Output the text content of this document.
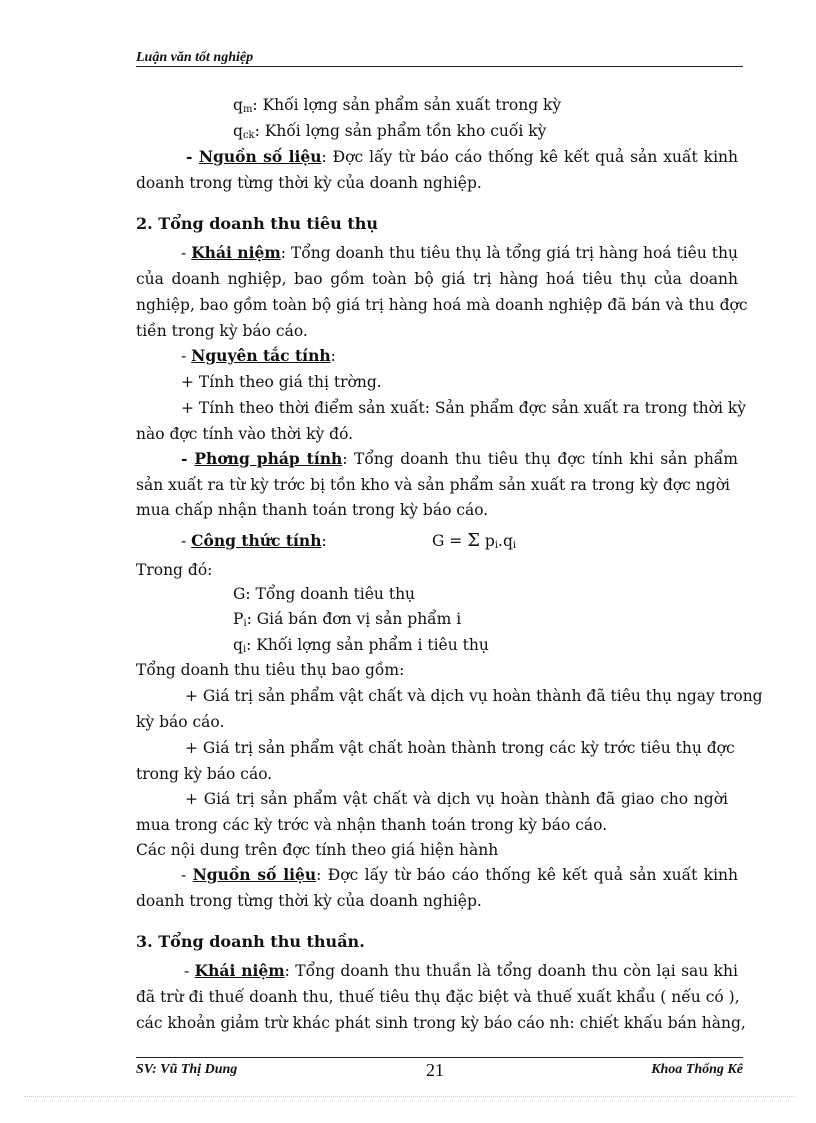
Luận văn tốt nghiệp
$q_m$: Khối lợng sản phẩm sản xuất trong kỳ
$q_{ck}$: Khối lợng sản phẩm tồn kho cuối kỳ
- Nguồn số liệu: Đợc lấy từ báo cáo thống kê kết quả sản xuất kinh
doanh trong từng thời kỳ của doanh nghiệp.
2. Tổng doanh thu tiêu thụ
- Khái niệm: Tổng doanh thu tiêu thụ là tổng giá trị hàng hoá tiêu thụ
của doanh nghiệp, bao gồm toàn bộ giá trị hàng hoá tiêu thụ của doanh
nghiệp, bao gồm toàn bộ giá trị hàng hoá mà doanh nghiệp đã bán và thu đợc
tiền trong kỳ báo cáo.
- Nguyên tắc tính:
+ Tính theo giá thị trờng.
+ Tính theo thời điểm sản xuất: Sản phẩm đợc sản xuất ra trong thời kỳ
nào đợc tính vào thời kỳ đó.
- Phơng pháp tính: Tổng doanh thu tiêu thụ đợc tính khi sản phẩm
sản xuất ra từ kỳ trớc bị tồn kho và sản phẩm sản xuất ra trong kỳ đợc ngời
mua chấp nhận thanh toán trong kỳ báo cáo.
- Công thức tính:	G = Σ $p_i.q_i$
Trong đó:
G: Tổng doanh tiêu thụ
$P_i$: Giá bán đơn vị sản phẩm i
$q_i$: Khối lợng sản phẩm i tiêu thụ
Tổng doanh thu tiêu thụ bao gồm:
+ Giá trị sản phẩm vật chất và dịch vụ hoàn thành đã tiêu thụ ngay trong
kỳ báo cáo.
+ Giá trị sản phẩm vật chất hoàn thành trong các kỳ trớc tiêu thụ đợc
trong kỳ báo cáo.
+ Giá trị sản phẩm vật chất và dịch vụ hoàn thành đã giao cho ngời
mua trong các kỳ trớc và nhận thanh toán trong kỳ báo cáo.
Các nội dung trên đợc tính theo giá hiện hành
- Nguồn số liệu: Đợc lấy từ báo cáo thống kê kết quả sản xuất kinh
doanh trong từng thời kỳ của doanh nghiệp.
3. Tổng doanh thu thuần.
- Khái niệm: Tổng doanh thu thuần là tổng doanh thu còn lại sau khi
đã trừ đi thuế doanh thu, thuế tiêu thụ đặc biệt và thuế xuất khẩu ( nếu có ),
các khoản giảm trừ khác phát sinh trong kỳ báo cáo nh: chiết khấu bán hàng,
SV: Vũ Thị Dung	21	Khoa Thống Kê
